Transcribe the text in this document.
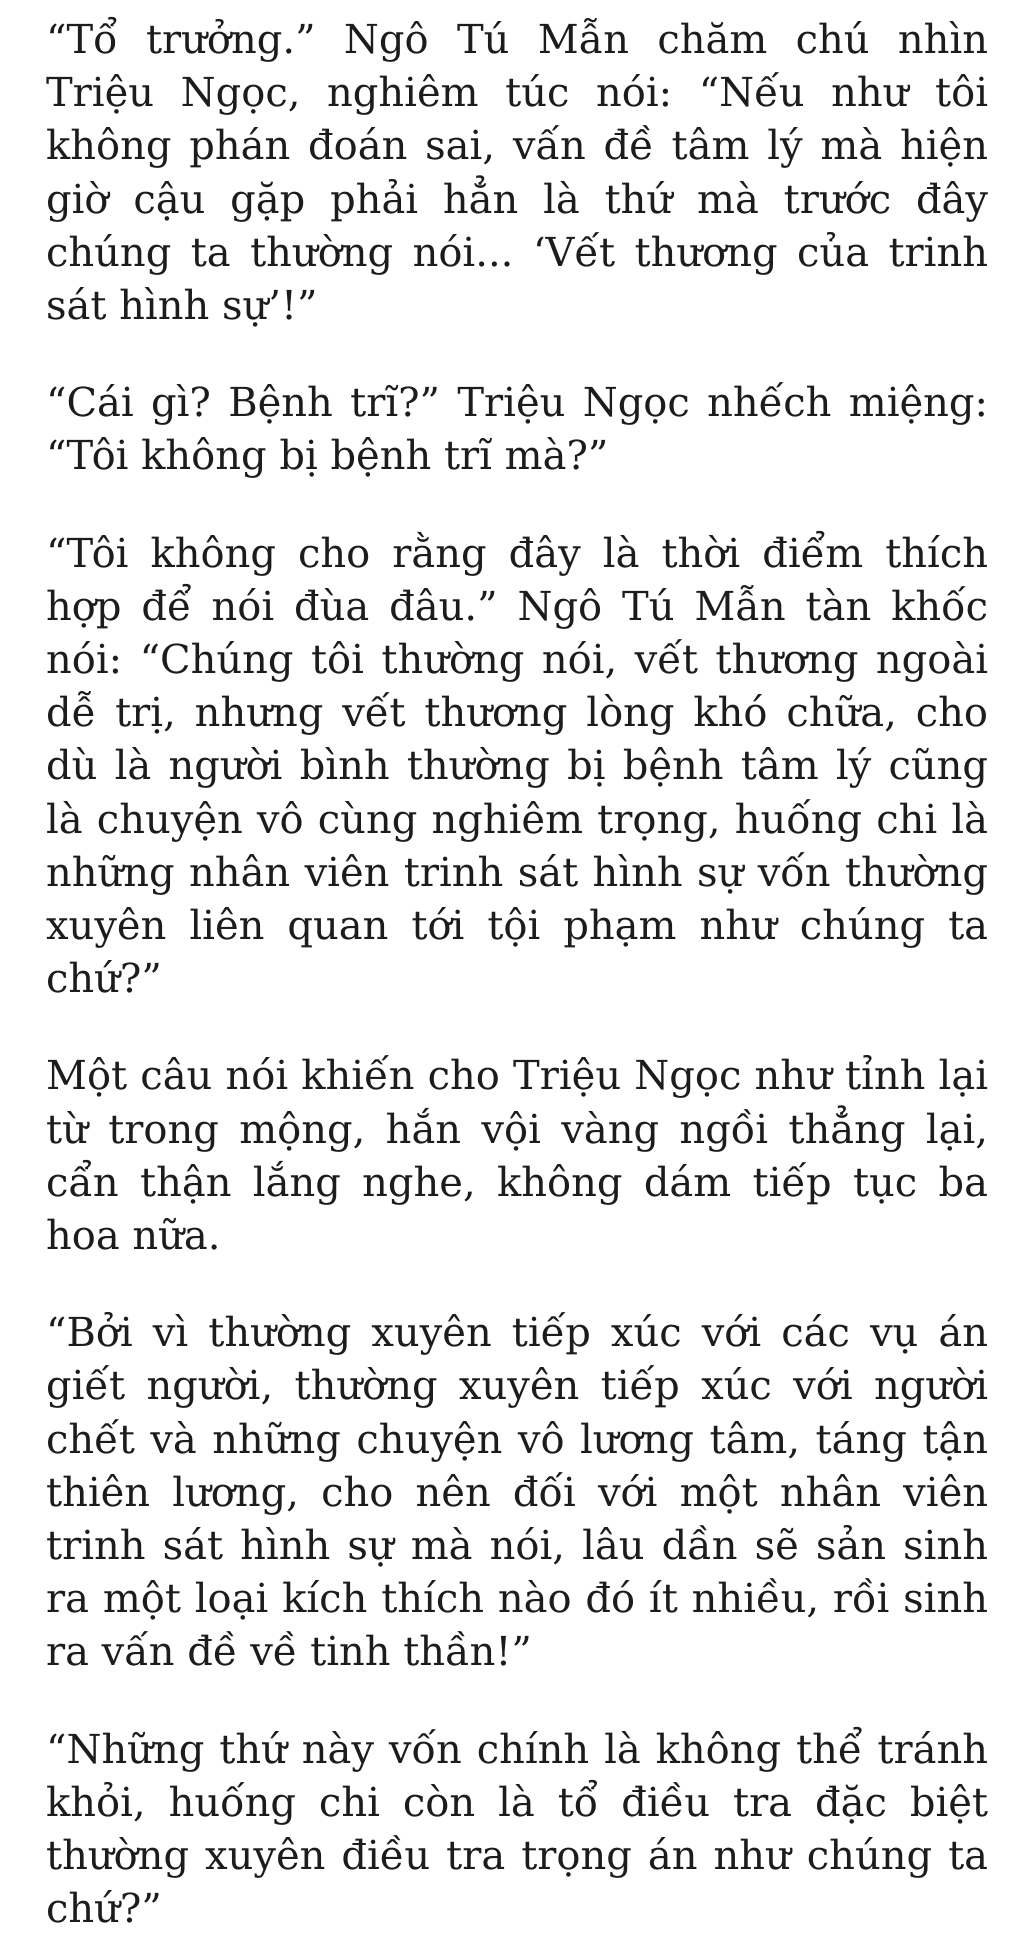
“Tổ trưởng.” Ngô Tú Mẫn chăm chú nhìn Triệu Ngọc, nghiêm túc nói: “Nếu như tôi không phán đoán sai, vấn đề tâm lý mà hiện giờ cậu gặp phải hẳn là thứ mà trước đây chúng ta thường nói... ‘Vết thương của trinh sát hình sự’!”

“Cái gì? Bệnh trĩ?” Triệu Ngọc nhếch miệng: “Tôi không bị bệnh trĩ mà?”

“Tôi không cho rằng đây là thời điểm thích hợp để nói đùa đâu.” Ngô Tú Mẫn tàn khốc nói: “Chúng tôi thường nói, vết thương ngoài dễ trị, nhưng vết thương lòng khó chữa, cho dù là người bình thường bị bệnh tâm lý cũng là chuyện vô cùng nghiêm trọng, huống chi là những nhân viên trinh sát hình sự vốn thường xuyên liên quan tới tội phạm như chúng ta chứ?”

Một câu nói khiến cho Triệu Ngọc như tỉnh lại từ trong mộng, hắn vội vàng ngồi thẳng lại, cẩn thận lắng nghe, không dám tiếp tục ba hoa nữa.

“Bởi vì thường xuyên tiếp xúc với các vụ án giết người, thường xuyên tiếp xúc với người chết và những chuyện vô lương tâm, táng tận thiên lương, cho nên đối với một nhân viên trinh sát hình sự mà nói, lâu dần sẽ sản sinh ra một loại kích thích nào đó ít nhiều, rồi sinh ra vấn đề về tinh thần!”

“Những thứ này vốn chính là không thể tránh khỏi, huống chi còn là tổ điều tra đặc biệt thường xuyên điều tra trọng án như chúng ta chứ?”
